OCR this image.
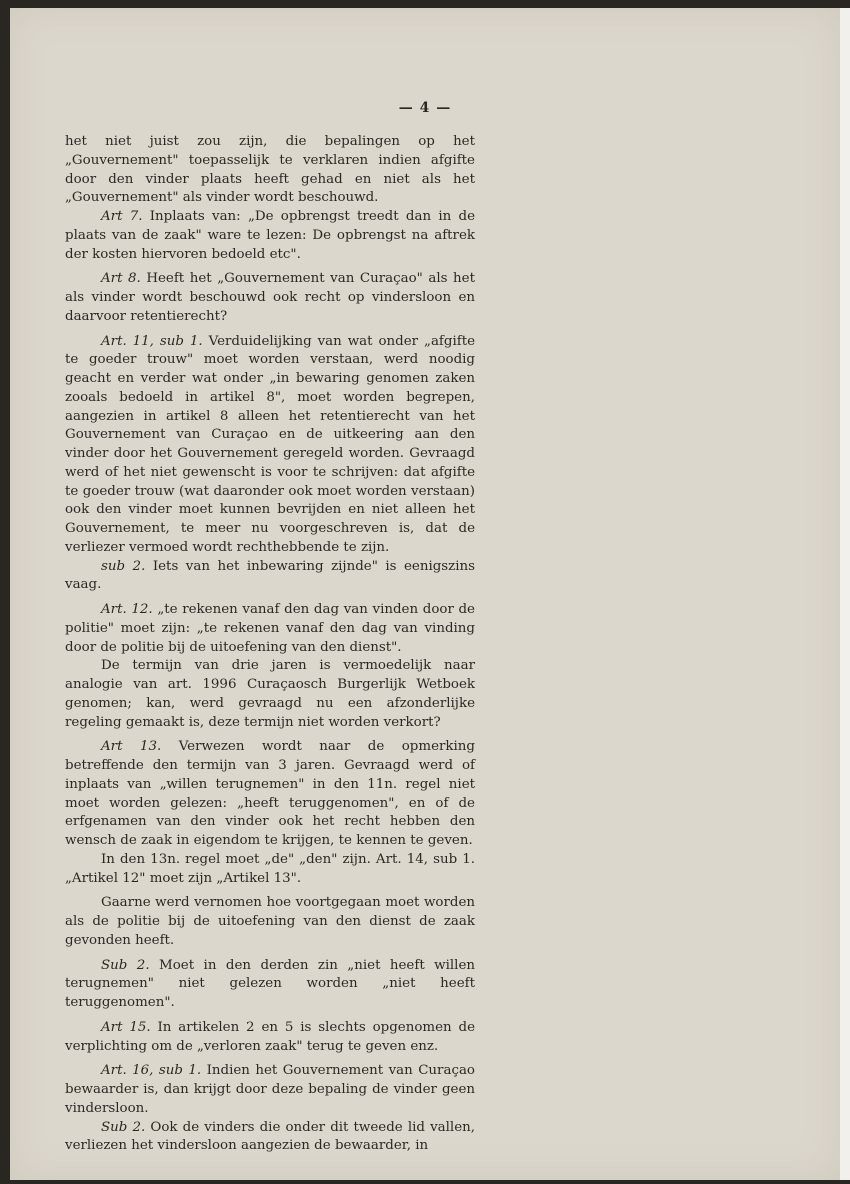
— 4 —

het niet juist zou zijn, die bepalingen op het „Gouvernement" toepasselijk te verklaren indien afgifte door den vinder plaats heeft gehad en niet als het „Gouvernement" als vinder wordt beschouwd.

Art 7. Inplaats van: „De opbrengst treedt dan in de plaats van de zaak" ware te lezen: De opbrengst na aftrek der kosten hiervoren bedoeld etc".

Art 8. Heeft het „Gouvernement van Curaçao" als het als vinder wordt beschouwd ook recht op vindersloon en daarvoor retentierecht?

Art. 11, sub 1. Verduidelijking van wat onder „afgifte te goeder trouw" moet worden verstaan, werd noodig geacht en verder wat onder „in bewaring genomen zaken zooals bedoeld in artikel 8", moet worden begrepen, aangezien in artikel 8 alleen het retentierecht van het Gouvernement van Curaçao en de uitkeering aan den vinder door het Gouvernement geregeld worden. Gevraagd werd of het niet gewenscht is voor te schrijven: dat afgifte te goeder trouw (wat daaronder ook moet worden verstaan) ook den vinder moet kunnen bevrijden en niet alleen het Gouvernement, te meer nu voorgeschreven is, dat de verliezer vermoed wordt rechthebbende te zijn.

sub 2. Iets van het inbewaring zijnde" is eenigszins vaag.

Art. 12. „te rekenen vanaf den dag van vinden door de politie" moet zijn: „te rekenen vanaf den dag van vinding door de politie bij de uitoefening van den dienst".

De termijn van drie jaren is vermoedelijk naar analogie van art. 1996 Curaçaosch Burgerlijk Wetboek genomen; kan, werd gevraagd nu een afzonderlijke regeling gemaakt is, deze termijn niet worden verkort?

Art 13. Verwezen wordt naar de opmerking betreffende den termijn van 3 jaren. Gevraagd werd of inplaats van „willen terugnemen" in den 11n. regel niet moet worden gelezen: „heeft teruggenomen", en of de erfgenamen van den vinder ook het recht hebben den wensch de zaak in eigendom te krijgen, te kennen te geven.

In den 13n. regel moet „de" „den" zijn. Art. 14, sub 1. „Artikel 12" moet zijn „Artikel 13".

Gaarne werd vernomen hoe voortgegaan moet worden als de politie bij de uitoefening van den dienst de zaak gevonden heeft.

Sub 2. Moet in den derden zin „niet heeft willen terugnemen" niet gelezen worden „niet heeft teruggenomen".

Art 15. In artikelen 2 en 5 is slechts opgenomen de verplichting om de „verloren zaak" terug te geven enz.

Art. 16, sub 1. Indien het Gouvernement van Curaçao bewaarder is, dan krijgt door deze bepaling de vinder geen vindersloon.

Sub 2. Ook de vinders die onder dit tweede lid vallen, verliezen het vindersloon aangezien de bewaarder, in
